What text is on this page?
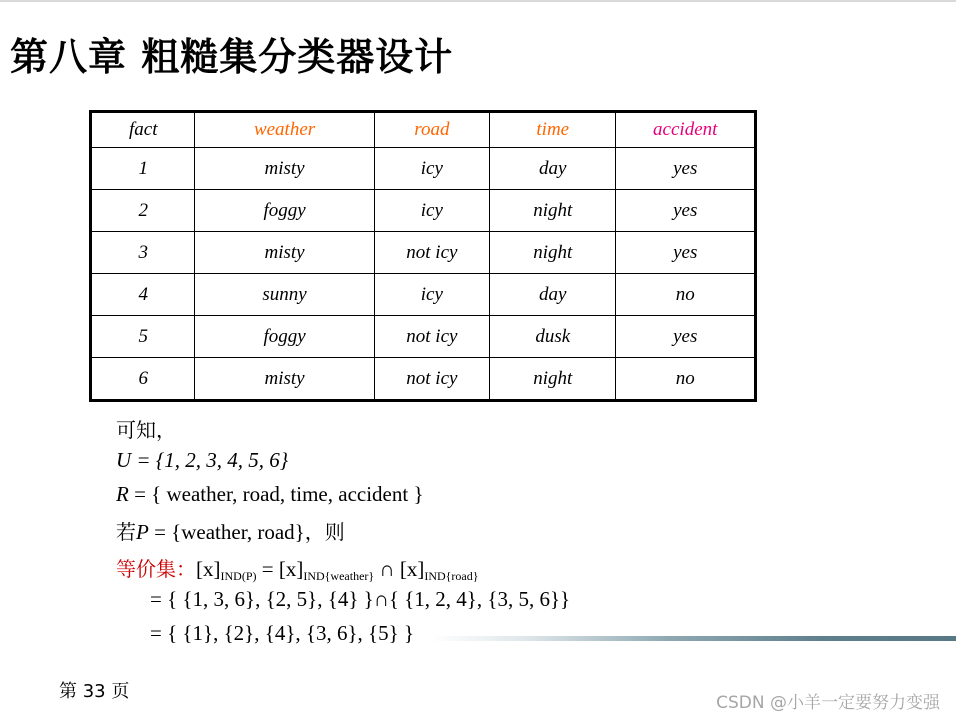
第八章 粗糙集分类器设计
fact	weather	road	time	accident
1	misty	icy	day	yes
2	foggy	icy	night	yes
3	misty	not icy	night	yes
4	sunny	icy	day	no
5	foggy	not icy	dusk	yes
6	misty	not icy	night	no
可知，
U = {1, 2, 3, 4, 5, 6}
R = { weather, road, time, accident }
若P = {weather, road}，则
等价集：$[x]_{IND(P)} = [x]_{IND\{weather\}}$ ∩ $[x]_{IND\{road\}}$
= { {1, 3, 6}, {2, 5}, {4} }∩{ {1, 2, 4}, {3, 5, 6}}
= { {1}, {2}, {4}, {3, 6}, {5} }
第 33 页
CSDN @小羊一定要努力变强
